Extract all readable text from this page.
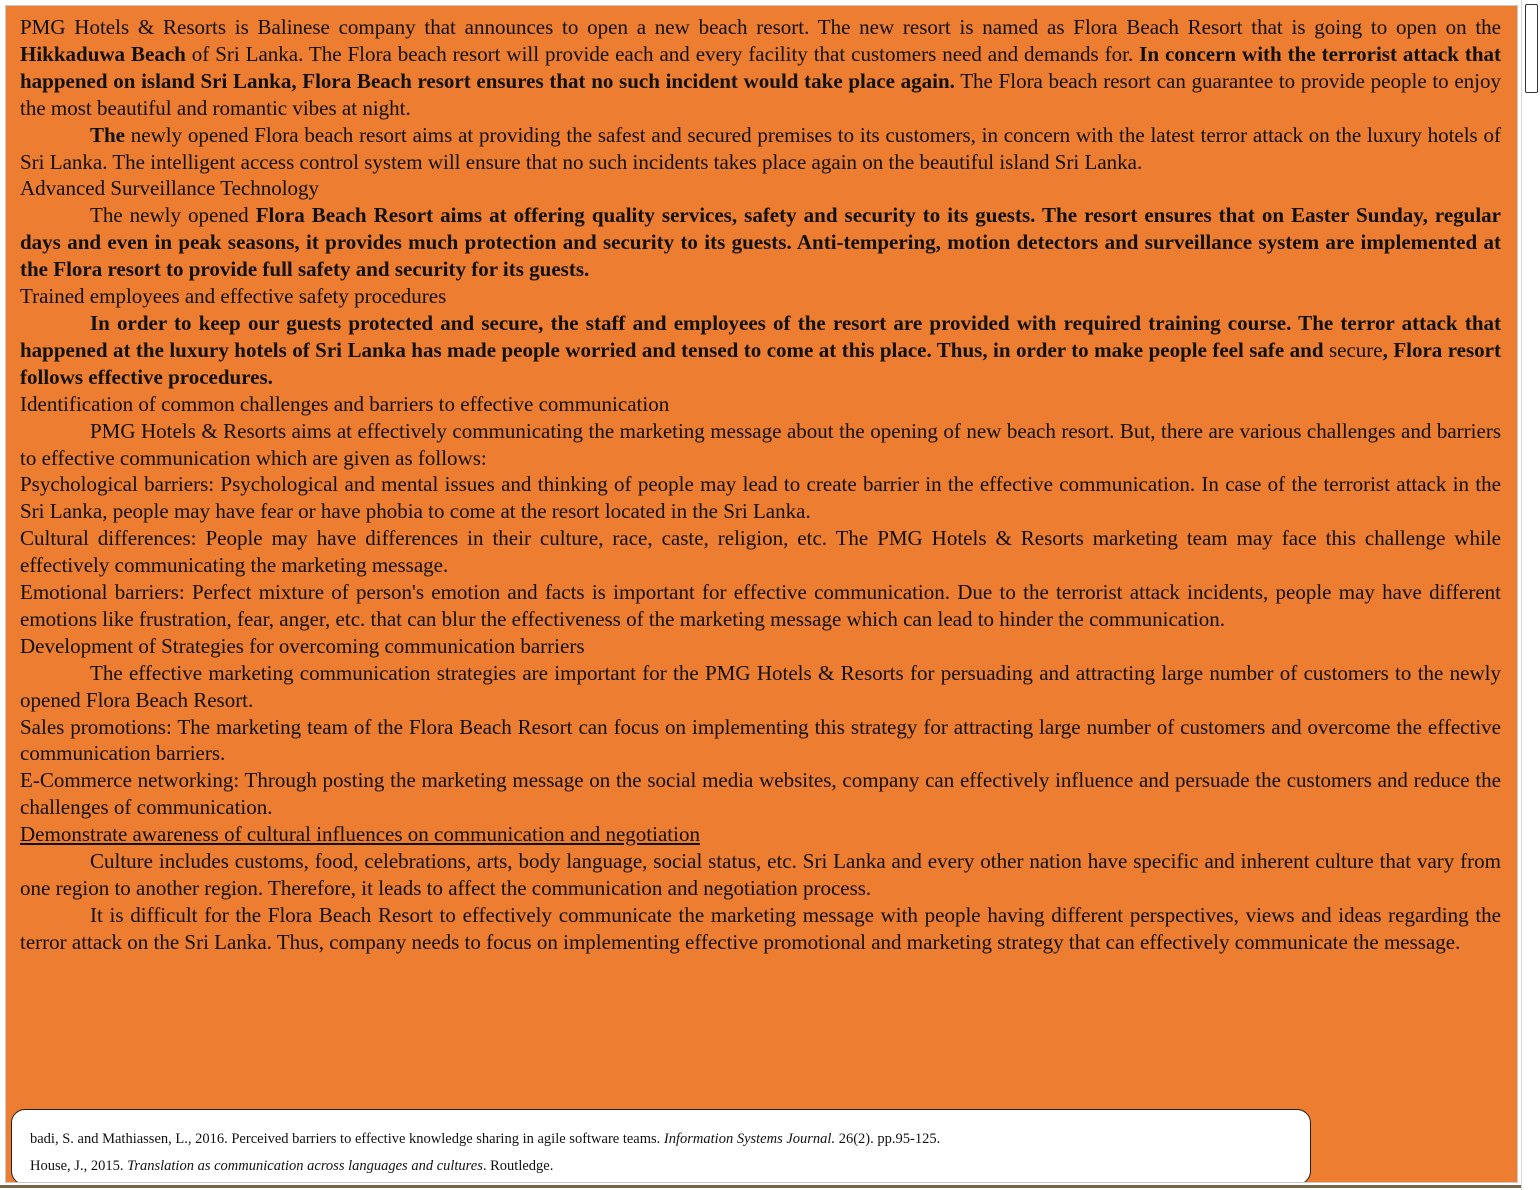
PMG Hotels & Resorts is Balinese company that announces to open a new beach resort. The new resort is named as Flora Beach Resort that is going to open on the Hikkaduwa Beach of Sri Lanka. The Flora beach resort will provide each and every facility that customers need and demands for. In concern with the terrorist attack that happened on island Sri Lanka, Flora Beach resort ensures that no such incident would take place again. The Flora beach resort can guarantee to provide people to enjoy the most beautiful and romantic vibes at night.

The newly opened Flora beach resort aims at providing the safest and secured premises to its customers, in concern with the latest terror attack on the luxury hotels of Sri Lanka. The intelligent access control system will ensure that no such incidents takes place again on the beautiful island Sri Lanka.

Advanced Surveillance Technology

The newly opened Flora Beach Resort aims at offering quality services, safety and security to its guests. The resort ensures that on Easter Sunday, regular days and even in peak seasons, it provides much protection and security to its guests. Anti-tempering, motion detectors and surveillance system are implemented at the Flora resort to provide full safety and security for its guests.

Trained employees and effective safety procedures

In order to keep our guests protected and secure, the staff and employees of the resort are provided with required training course. The terror attack that happened at the luxury hotels of Sri Lanka has made people worried and tensed to come at this place. Thus, in order to make people feel safe and secure, Flora resort follows effective procedures.

Identification of common challenges and barriers to effective communication

PMG Hotels & Resorts aims at effectively communicating the marketing message about the opening of new beach resort. But, there are various challenges and barriers to effective communication which are given as follows:

Psychological barriers: Psychological and mental issues and thinking of people may lead to create barrier in the effective communication. In case of the terrorist attack in the Sri Lanka, people may have fear or have phobia to come at the resort located in the Sri Lanka.

Cultural differences: People may have differences in their culture, race, caste, religion, etc. The PMG Hotels & Resorts marketing team may face this challenge while effectively communicating the marketing message.

Emotional barriers: Perfect mixture of person's emotion and facts is important for effective communication. Due to the terrorist attack incidents, people may have different emotions like frustration, fear, anger, etc. that can blur the effectiveness of the marketing message which can lead to hinder the communication.

Development of Strategies for overcoming communication barriers

The effective marketing communication strategies are important for the PMG Hotels & Resorts for persuading and attracting large number of customers to the newly opened Flora Beach Resort.

Sales promotions: The marketing team of the Flora Beach Resort can focus on implementing this strategy for attracting large number of customers and overcome the effective communication barriers.

E-Commerce networking: Through posting the marketing message on the social media websites, company can effectively influence and persuade the customers and reduce the challenges of communication.

Demonstrate awareness of cultural influences on communication and negotiation

Culture includes customs, food, celebrations, arts, body language, social status, etc. Sri Lanka and every other nation have specific and inherent culture that vary from one region to another region. Therefore, it leads to affect the communication and negotiation process.

It is difficult for the Flora Beach Resort to effectively communicate the marketing message with people having different perspectives, views and ideas regarding the terror attack on the Sri Lanka. Thus, company needs to focus on implementing effective promotional and marketing strategy that can effectively communicate the message.

badi, S. and Mathiassen, L., 2016. Perceived barriers to effective knowledge sharing in agile software teams. Information Systems Journal. 26(2). pp.95-125.

House, J., 2015. Translation as communication across languages and cultures. Routledge.
